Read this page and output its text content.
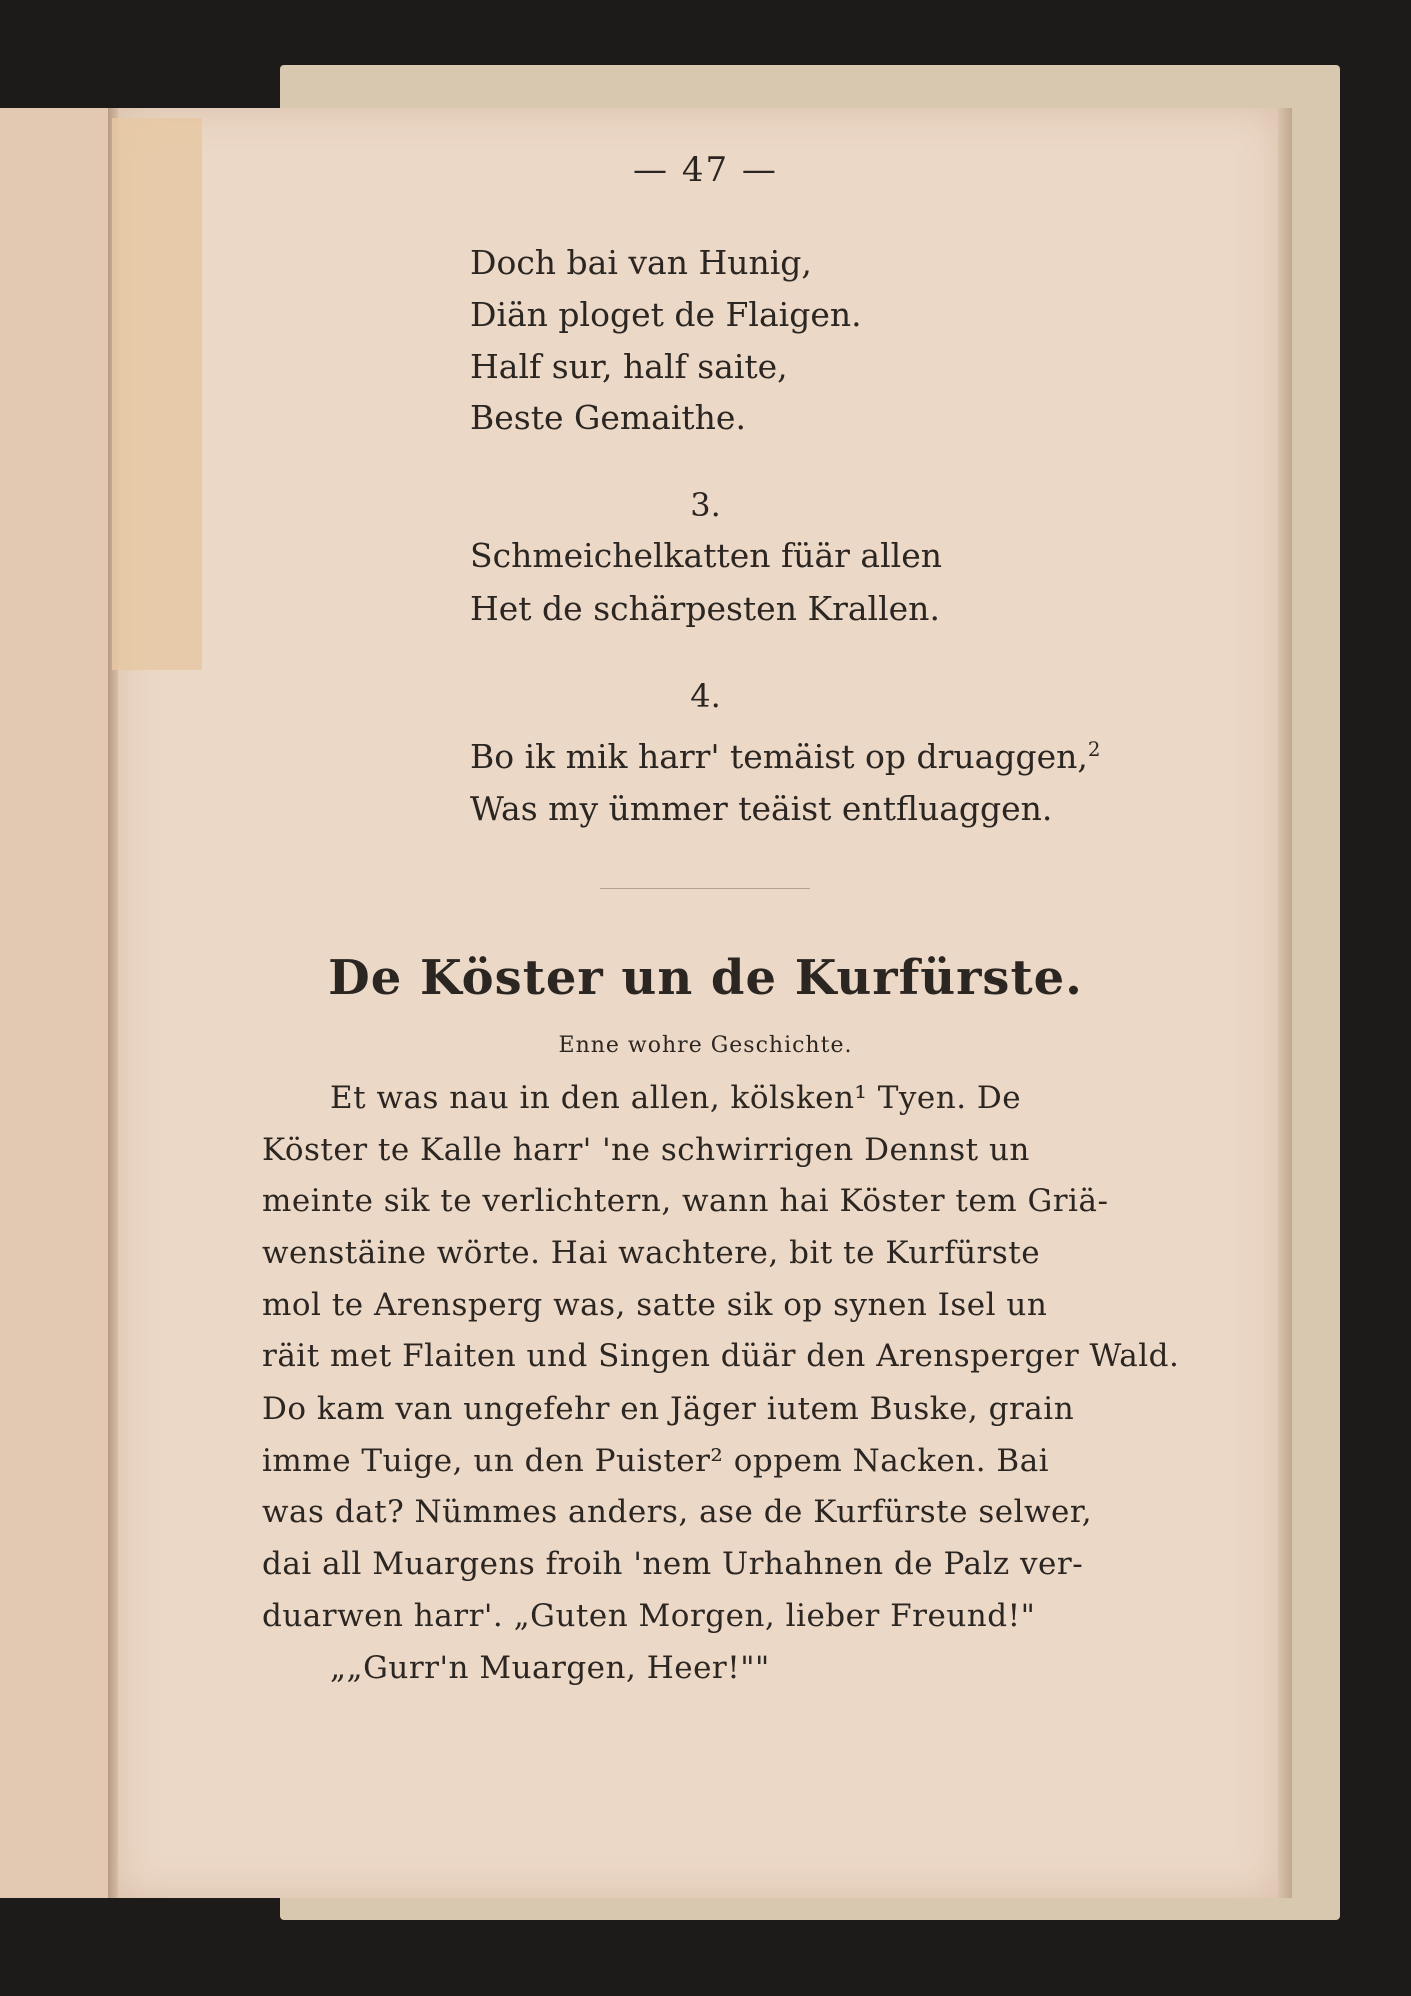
— 47 —
Doch bai van Hunig,
Diän ploget de Flaigen.
Half sur, half saite,
Beste Gemaithe.
3.
Schmeichelkatten füär allen
Het de schärpesten Krallen.
4.
Bo ik mik harr' temäist op druaggen,$^2$
Was my ümmer teäist entfluaggen.
De Köster un de Kurfürste.
Enne wohre Geschichte.
Et was nau in den allen, kölsken¹ Tyen. De
Köster te Kalle harr' 'ne schwirrigen Dennst un
meinte sik te verlichtern, wann hai Köster tem Griä-
wenstäine wörte. Hai wachtere, bit te Kurfürste
mol te Arensperg was, satte sik op synen Isel un
räit met Flaiten und Singen düär den Arensperger Wald.
Do kam van ungefehr en Jäger iutem Buske, grain
imme Tuige, un den Puister² oppem Nacken. Bai
was dat? Nümmes anders, ase de Kurfürste selwer,
dai all Muargens froih 'nem Urhahnen de Palz ver-
duarwen harr'. „Guten Morgen, lieber Freund!"
„„Gurr'n Muargen, Heer!""
